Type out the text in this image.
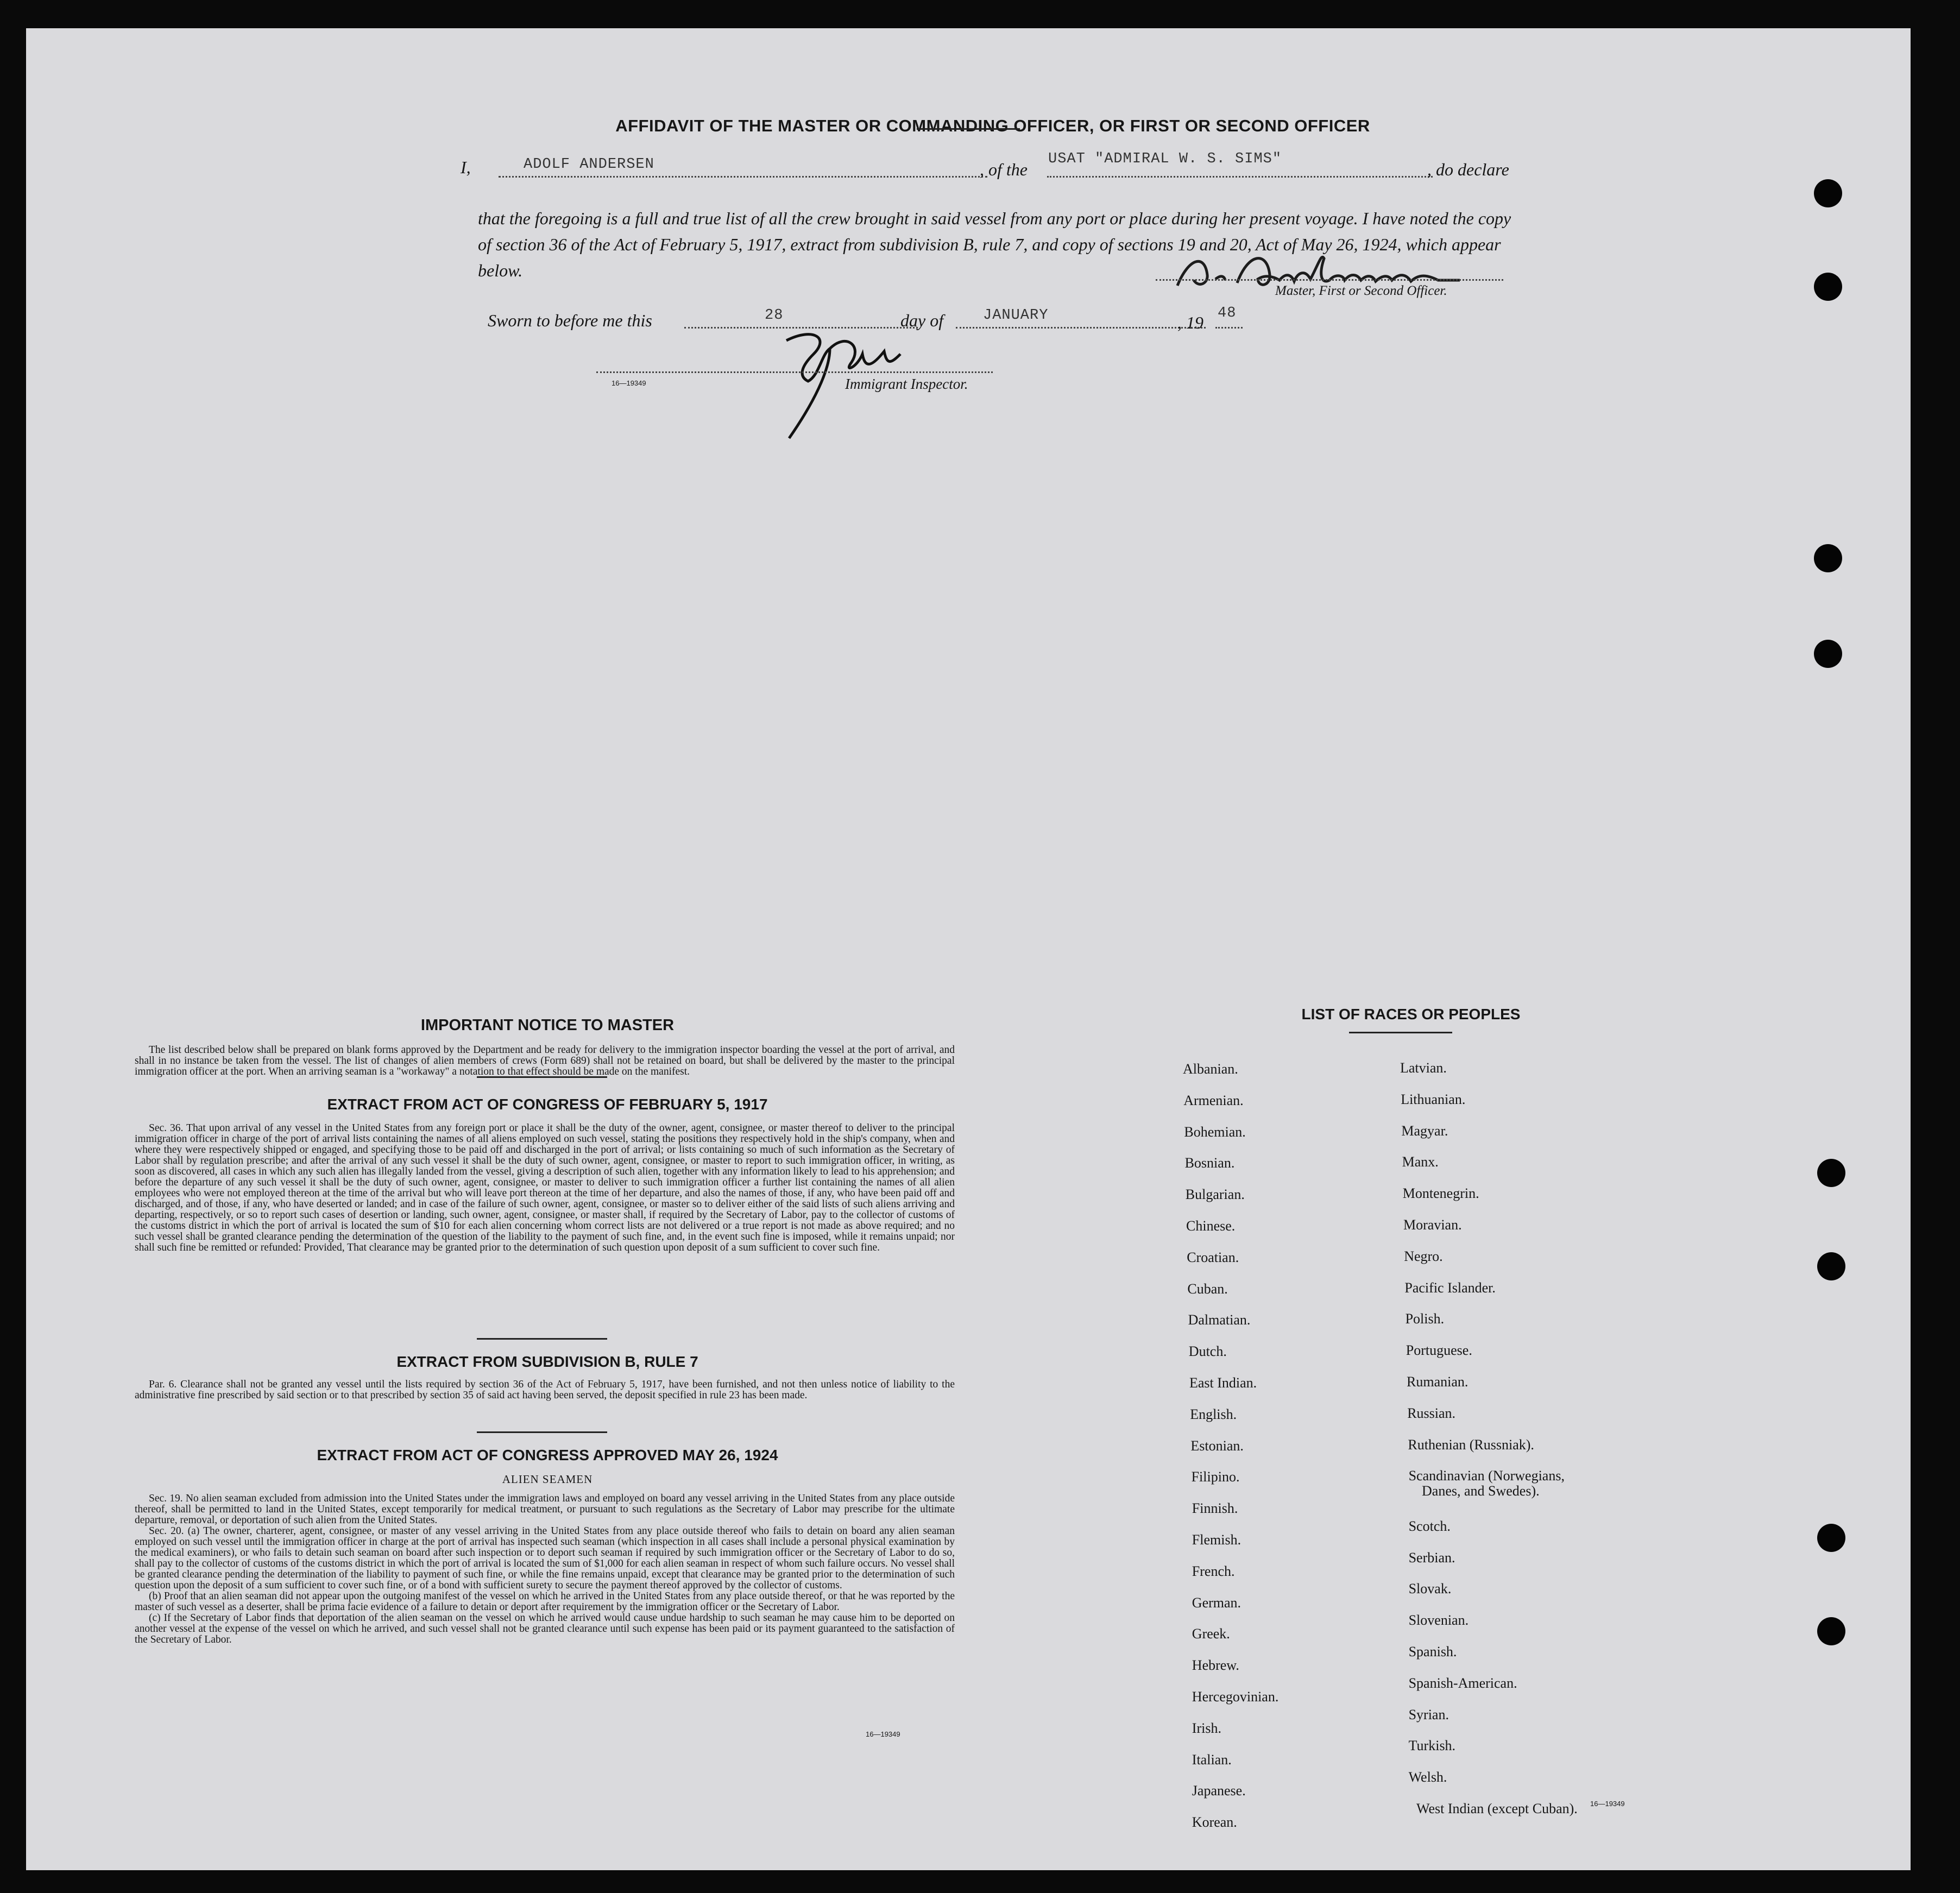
AFFIDAVIT OF THE MASTER OR COMMANDING OFFICER, OR FIRST OR SECOND OFFICER
I,	ADOLF ANDERSEN	, of the
USAT "ADMIRAL W. S. SIMS"
, do declare
that the foregoing is a full and true list of all the crew brought in said vessel from any port or place during her present voyage. I have noted the copy of section 36 of the Act of February 5, 1917, extract from subdivision B, rule 7, and copy of sections 19 and 20, Act of May 26, 1924, which appear below.
Master, First or Second Officer.
Sworn to before me this	28	day of	JANUARY	, 19 48
16—19349	Immigrant Inspector.
IMPORTANT NOTICE TO MASTER
The list described below shall be prepared on blank forms approved by the Department and be ready for delivery to the immigration inspector boarding the vessel at the port of arrival, and shall in no instance be taken from the vessel. The list of changes of alien members of crews (Form 689) shall not be retained on board, but shall be delivered by the master to the principal immigration officer at the port. When an arriving seaman is a "workaway" a notation to that effect should be made on the manifest.
EXTRACT FROM ACT OF CONGRESS OF FEBRUARY 5, 1917
Sec. 36. That upon arrival of any vessel in the United States from any foreign port or place it shall be the duty of the owner, agent, consignee, or master thereof to deliver to the principal immigration officer in charge of the port of arrival lists containing the names of all aliens employed on such vessel, stating the positions they respectively hold in the ship's company, when and where they were respectively shipped or engaged, and specifying those to be paid off and discharged in the port of arrival; or lists containing so much of such information as the Secretary of Labor shall by regulation prescribe; and after the arrival of any such vessel it shall be the duty of such owner, agent, consignee, or master to report to such immigration officer, in writing, as soon as discovered, all cases in which any such alien has illegally landed from the vessel, giving a description of such alien, together with any information likely to lead to his apprehension; and before the departure of any such vessel it shall be the duty of such owner, agent, consignee, or master to deliver to such immigration officer a further list containing the names of all alien employees who were not employed thereon at the time of the arrival but who will leave port thereon at the time of her departure, and also the names of those, if any, who have been paid off and discharged, and of those, if any, who have deserted or landed; and in case of the failure of such owner, agent, consignee, or master so to deliver either of the said lists of such aliens arriving and departing, respectively, or so to report such cases of desertion or landing, such owner, agent, consignee, or master shall, if required by the Secretary of Labor, pay to the collector of customs of the customs district in which the port of arrival is located the sum of $10 for each alien concerning whom correct lists are not delivered or a true report is not made as above required; and no such vessel shall be granted clearance pending the determination of the question of the liability to the payment of such fine, and, in the event such fine is imposed, while it remains unpaid; nor shall such fine be remitted or refunded: Provided, That clearance may be granted prior to the determination of such question upon deposit of a sum sufficient to cover such fine.
EXTRACT FROM SUBDIVISION B, RULE 7
Par. 6. Clearance shall not be granted any vessel until the lists required by section 36 of the Act of February 5, 1917, have been furnished, and not then unless notice of liability to the administrative fine prescribed by said section or to that prescribed by section 35 of said act having been served, the deposit specified in rule 23 has been made.
EXTRACT FROM ACT OF CONGRESS APPROVED MAY 26, 1924
ALIEN SEAMEN

Sec. 19. No alien seaman excluded from admission into the United States under the immigration laws and employed on board any vessel arriving in the United States from any place outside thereof, shall be permitted to land in the United States, except temporarily for medical treatment, or pursuant to such regulations as the Secretary of Labor may prescribe for the ultimate departure, removal, or deportation of such alien from the United States.

Sec. 20. (a) The owner, charterer, agent, consignee, or master of any vessel arriving in the United States from any place outside thereof who fails to detain on board any alien seaman employed on such vessel until the immigration officer in charge at the port of arrival has inspected such seaman (which inspection in all cases shall include a personal physical examination by the medical examiners), or who fails to detain such seaman on board after such inspection or to deport such seaman if required by such immigration officer or the Secretary of Labor to do so, shall pay to the collector of customs of the customs district in which the port of arrival is located the sum of $1,000 for each alien seaman in respect of whom such failure occurs. No vessel shall be granted clearance pending the determination of the liability to payment of such fine, or while the fine remains unpaid, except that clearance may be granted prior to the determination of such question upon the deposit of a sum sufficient to cover such fine, or of a bond with sufficient surety to secure the payment thereof approved by the collector of customs.

(b) Proof that an alien seaman did not appear upon the outgoing manifest of the vessel on which he arrived in the United States from any place outside thereof, or that he was reported by the master of such vessel as a deserter, shall be prima facie evidence of a failure to detain or deport after requirement by the immigration officer or the Secretary of Labor.

(c) If the Secretary of Labor finds that deportation of the alien seaman on the vessel on which he arrived would cause undue hardship to such seaman he may cause him to be deported on another vessel at the expense of the vessel on which he arrived, and such vessel shall not be granted clearance until such expense has been paid or its payment guaranteed to the satisfaction of the Secretary of Labor.

16—19349
LIST OF RACES OR PEOPLES
16—19349
Albanian.
Armenian.
Bohemian.
Bosnian.
Bulgarian.
Chinese.
Croatian.
Cuban.
Dalmatian.
Dutch.
East Indian.
English.
Estonian.
Filipino.
Finnish.
Flemish.
French.
German.
Greek.
Hebrew.
Hercegovinian.
Irish.
Italian.
Japanese.
Korean.
Latvian.
Lithuanian.
Magyar.
Manx.
Montenegrin.
Moravian.
Negro.
Pacific Islander.
Polish.
Portuguese.
Rumanian.
Russian.
Ruthenian (Russniak).
Scandinavian (Norwegians,
Danes, and Swedes).
Scotch.
Serbian.
Slovak.
Slovenian.
Spanish.
Spanish-American.
Syrian.
Turkish.
Welsh.
West Indian (except Cuban).
